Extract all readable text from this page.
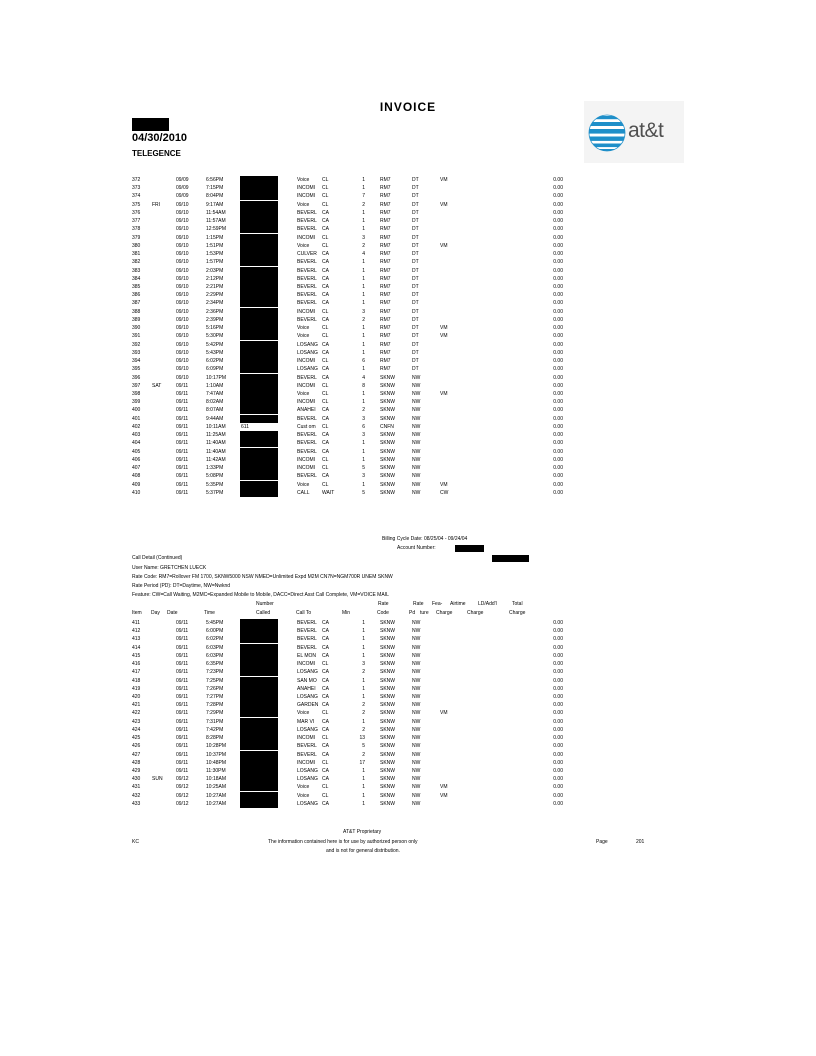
INVOICE
04/30/2010
TELEGENCE
at&t
372	09/09	6:56PM	Voice	CL	1	RM7	DT	VM	0.00
373	09/09	7:15PM	INCOMI CL	1	RM7	DT	0.00
374	09/09	8:04PM	INCOMI CL	7	RM7	DT	0.00
375 FRI	09/10	9:17AM	Voice	CL	2	RM7	DT	VM	0.00
376	09/10	11:54AM	BEVERL CA	1	RM7	DT	0.00
377	09/10	11:57AM	BEVERL CA	1	RM7	DT	0.00
378	09/10	12:59PM	BEVERL CA	1	RM7	DT	0.00
379	09/10	1:15PM	INCOMI CL	3	RM7	DT	0.00
380	09/10	1:51PM	Voice	CL	2	RM7	DT	VM	0.00
381	09/10	1:53PM	CULVER CA	4	RM7	DT	0.00
382	09/10	1:57PM	BEVERL CA	1	RM7	DT	0.00
383	09/10	2:03PM	BEVERL CA	1	RM7	DT	0.00
384	09/10	2:12PM	BEVERL CA	1	RM7	DT	0.00
385	09/10	2:21PM	BEVERL CA	1	RM7	DT	0.00
386	09/10	2:29PM	BEVERL CA	1	RM7	DT	0.00
387	09/10	2:34PM	BEVERL CA	1	RM7	DT	0.00
388	09/10	2:36PM	INCOMI CL	3	RM7	DT	0.00
389	09/10	2:39PM	BEVERL CA	2	RM7	DT	0.00
390	09/10	5:16PM	Voice	CL	1	RM7	DT	VM	0.00
391	09/10	5:30PM	Voice	CL	1	RM7	DT	VM	0.00
392	09/10	5:42PM	LOSANG CA	1	RM7	DT	0.00
393	09/10	5:43PM	LOSANG CA	1	RM7	DT	0.00
394	09/10	6:02PM	INCOMI CL	6	RM7	DT	0.00
395	09/10	6:09PM	LOSANG CA	1	RM7	DT	0.00
396	09/10	10:17PM	BEVERL CA	4	SKNW	NW	0.00
397 SAT	09/11	1:10AM	INCOMI CL	8	SKNW	NW	0.00
398	09/11	7:47AM	Voice	CL	1	SKNW	NW	VM	0.00
399	09/11	8:02AM	INCOMI CL	1	SKNW	NW	0.00
400	09/11	8:07AM	ANAHEI CA	2	SKNW	NW	0.00
401	09/11	9:44AM	BEVERL CA	3	SKNW	NW	0.00
402	09/11	10:11AM	611	Cust om CL	6	CNFN	NW	0.00
403	09/11	11:25AM	BEVERL CA	3	SKNW	NW	0.00
404	09/11	11:40AM	BEVERL CA	1	SKNW	NW	0.00
405	09/11	11:40AM	BEVERL CA	1	SKNW	NW	0.00
406	09/11	11:42AM	INCOMI CL	1	SKNW	NW	0.00
407	09/11	1:33PM	INCOMI CL	5	SKNW	NW	0.00
408	09/11	5:08PM	BEVERL CA	3	SKNW	NW	0.00
409	09/11	5:35PM	Voice	CL	1	SKNW	NW	VM	0.00
410	09/11	5:37PM	CALL WAIT	5	SKNW	NW	CW	0.00
Billing Cycle Date: 08/25/04 - 09/24/04
Account Number:
Call Detail (Continued)
User Name: GRETCHEN LUECK
Rate Code: RM7=Rollover FM 1700, SKNW5000 NSW NMED=Unlimited Expd M2M CN7N=NGM700R UNEM SKNW
Rate Period (PD): DT=Daytime, NW=Nwknd
Feature: CW=Call Waiting, M2MC=Expanded Mobile to Mobile, DACC=Direct Asst Call Complete, VM=VOICE MAIL
Number	Rate	Rate Fea- Airtime LD/Add'l	Total
Item Day Date	Time	Called	Call To	Min	Code	Pd ture Charge	Charge	Charge
411	09/11	5:45PM	BEVERL CA	1	SKNW	NW	0.00
412	09/11	6:00PM	BEVERL CA	1	SKNW	NW	0.00
413	09/11	6:02PM	BEVERL CA	1	SKNW	NW	0.00
414	09/11	6:03PM	BEVERL CA	1	SKNW	NW	0.00
415	09/11	6:03PM	EL MON CA	1	SKNW	NW	0.00
416	09/11	6:35PM	INCOMI CL	3	SKNW	NW	0.00
417	09/11	7:23PM	LOSANG CA	2	SKNW	NW	0.00
418	09/11	7:25PM	SAN MO CA	1	SKNW	NW	0.00
419	09/11	7:26PM	ANAHEI CA	1	SKNW	NW	0.00
420	09/11	7:27PM	LOSANG CA	1	SKNW	NW	0.00
421	09/11	7:28PM	GARDEN CA	2	SKNW	NW	0.00
422	09/11	7:29PM	Voice	CL	2	SKNW	NW	VM	0.00
423	09/11	7:31PM	MAR VI CA	1	SKNW	NW	0.00
424	09/11	7:42PM	LOSANG CA	2	SKNW	NW	0.00
425	09/11	8:28PM	INCOMI CL	13	SKNW	NW	0.00
426	09/11	10:28PM	BEVERL CA	5	SKNW	NW	0.00
427	09/11	10:37PM	BEVERL CA	2	SKNW	NW	0.00
428	09/11	10:48PM	INCOMI CL	17	SKNW	NW	0.00
429	09/11	11:30PM	LOSANG CA	1	SKNW	NW	0.00
430 SUN	09/12	10:18AM	LOSANG CA	1	SKNW	NW	0.00
431	09/12	10:25AM	Voice	CL	1	SKNW	NW	VM	0.00
432	09/12	10:27AM	Voice	CL	1	SKNW	NW	VM	0.00
433	09/12	10:27AM	LOSANG CA	1	SKNW	NW	0.00
AT&T Proprietary
KC	The information contained here is for use by authorized person only
and is not for general distribution.
Page	201
